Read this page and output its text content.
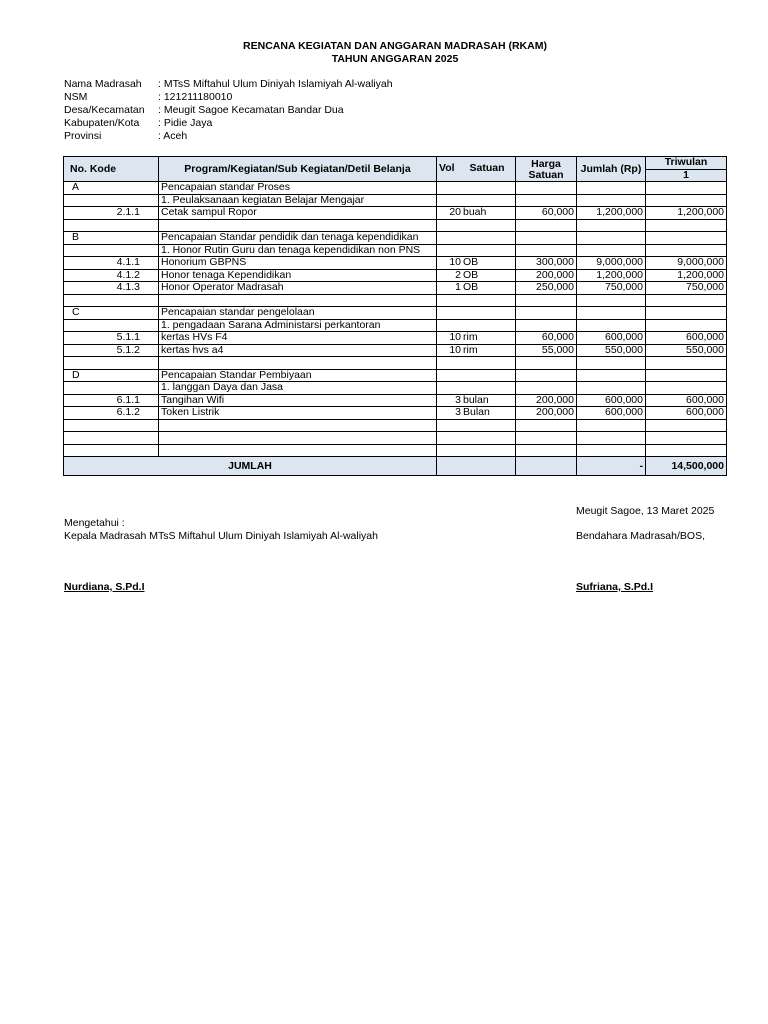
RENCANA KEGIATAN DAN ANGGARAN MADRASAH (RKAM)
TAHUN ANGGARAN 2025
Nama Madrasah : MTsS Miftahul Ulum Diniyah Islamiyah Al-waliyah
NSM	: 121211180010
Desa/Kecamatan : Meugit Sagoe Kecamatan Bandar Dua
Kabupaten/Kota : Pidie Jaya
Provinsi	: Aceh
No. Kode	Program/Kegiatan/Sub Kegiatan/Detil Belanja	Vol Satuan	Harga Satuan	Jumlah (Rp)	Triwulan
					1
A	Pencapaian standar Proses	

	1. Peulaksanaan kegiatan Belajar Mengajar	

2.1.1	Cetak sampul Ropor	20 buah	60,000	1,200,000	1,200,000

B	Pencapaian Standar pendidik dan tenaga kependidikan	

	1. Honor Rutin Guru dan tenaga kependidikan non PNS	

4.1.1	Honorium GBPNS	10 OB	300,000	9,000,000	9,000,000
4.1.2	Honor tenaga Kependidikan	2 OB	200,000	1,200,000	1,200,000
4.1.3	Honor Operator Madrasah	1 OB	250,000	750,000	750,000

C	Pencapaian standar pengelolaan	

	1. pengadaan Sarana Administarsi perkantoran	

5.1.1	kertas HVs F4	10 rim	60,000	600,000	600,000
5.1.2	kertas hvs a4	10 rim	55,000	550,000	550,000

D	Pencapaian Standar Pembiyaan	

	1. langgan Daya dan Jasa	

6.1.1	Tangihan Wifi	3 bulan	200,000	600,000	600,000
6.1.2	Token Listrik	3 Bulan	200,000	600,000	600,000

JUMLAH				-	14,500,000
Meugit Sagoe, 13 Maret 2025
Mengetahui :
Kepala Madrasah MTsS Miftahul Ulum Diniyah Islamiyah Al-waliyah	Bendahara Madrasah/BOS,
Nurdiana, S.Pd.I	Sufriana, S.Pd.I
